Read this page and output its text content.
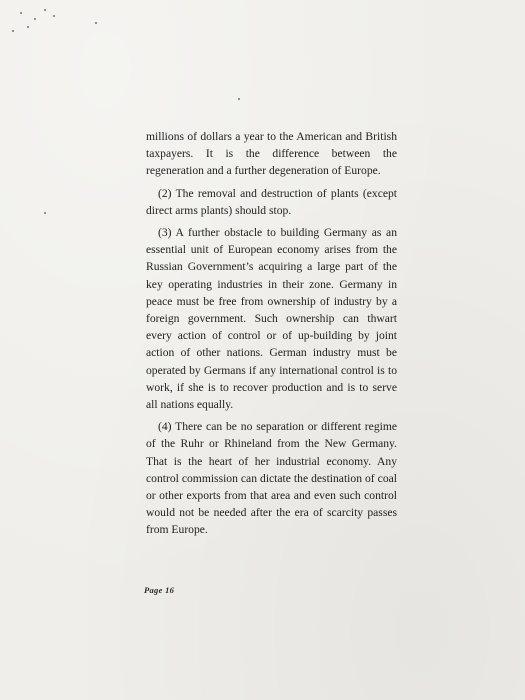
millions of dollars a year to the American and British taxpayers. It is the difference between the regeneration and a further degeneration of Europe.

(2) The removal and destruction of plants (except direct arms plants) should stop.

(3) A further obstacle to building Germany as an essential unit of European economy arises from the Russian Government’s acquiring a large part of the key operating industries in their zone. Germany in peace must be free from ownership of industry by a foreign government. Such ownership can thwart every action of control or of up-building by joint action of other nations. German industry must be operated by Germans if any international control is to work, if she is to recover production and is to serve all nations equally.

(4) There can be no separation or different regime of the Ruhr or Rhineland from the New Germany. That is the heart of her industrial economy. Any control commission can dictate the destination of coal or other exports from that area and even such control would not be needed after the era of scarcity passes from Europe.

Page 16
